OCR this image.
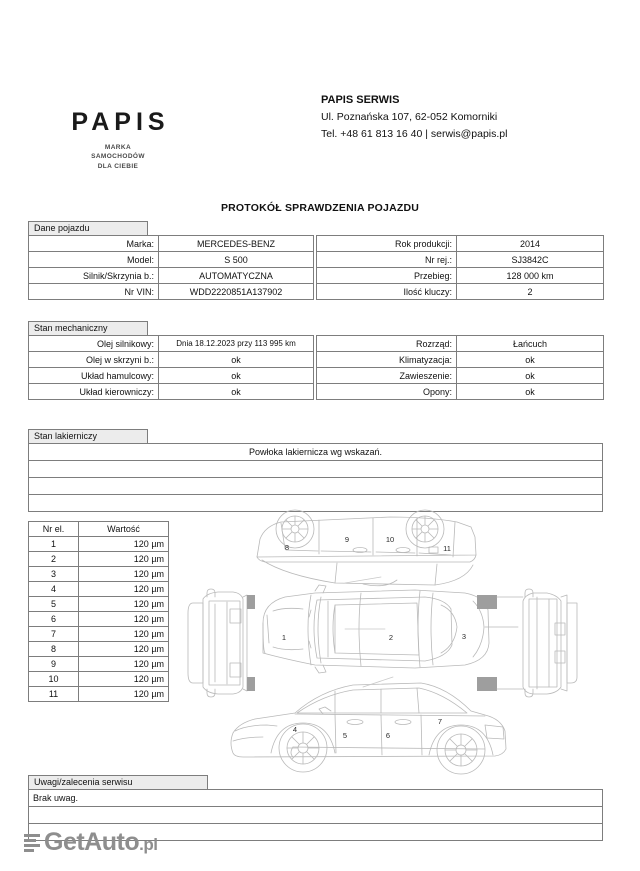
PAPIS
MARKA
SAMOCHODÓW
DLA CIEBIE
PAPIS SERWIS
Ul. Poznańska 107, 62-052 Komorniki
Tel. +48 61 813 16 40 | serwis@papis.pl
PROTOKÓŁ SPRAWDZENIA POJAZDU
Dane pojazdu
Marka:	MERCEDES-BENZ		Rok produkcji:	2014
Model:	S 500		Nr rej.:	SJ3842C
Silnik/Skrzynia b.:	AUTOMATYCZNA		Przebieg:	128 000 km
Nr VIN:	WDD2220851A137902		Ilość kluczy:	2
Stan mechaniczny
Olej silnikowy:	Dnia 18.12.2023 przy 113 995 km		Rozrząd:	Łańcuch
Olej w skrzyni b.:	ok		Klimatyzacja:	ok
Układ hamulcowy:	ok		Zawieszenie:	ok
Układ kierowniczy:	ok		Opony:	ok
Stan lakierniczy
Powłoka lakiernicza wg wskazań.

Nr el.	Wartość
1	120 µm
2	120 µm
3	120 µm
4	120 µm
5	120 µm
6	120 µm
7	120 µm
8	120 µm
9	120 µm
10	120 µm
11	120 µm
8
9	10
11
1	2	3
4
5	6
7
Uwagi/zalecenia serwisu
Brak uwag.

GetAuto.pl
